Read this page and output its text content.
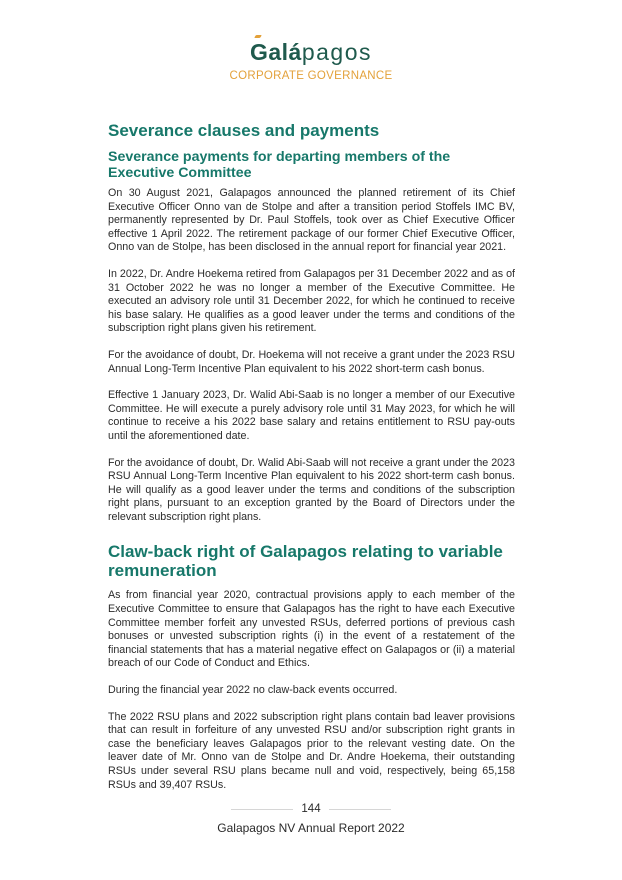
Galápagos
CORPORATE GOVERNANCE
Severance clauses and payments
Severance payments for departing members of the Executive Committee

On 30 August 2021, Galapagos announced the planned retirement of its Chief Executive Officer Onno van de Stolpe and after a transition period Stoffels IMC BV, permanently represented by Dr. Paul Stoffels, took over as Chief Executive Officer effective 1 April 2022. The retirement package of our former Chief Executive Officer, Onno van de Stolpe, has been disclosed in the annual report for financial year 2021.

In 2022, Dr. Andre Hoekema retired from Galapagos per 31 December 2022 and as of 31 October 2022 he was no longer a member of the Executive Committee. He executed an advisory role until 31 December 2022, for which he continued to receive his base salary. He qualifies as a good leaver under the terms and conditions of the subscription right plans given his retirement.

For the avoidance of doubt, Dr. Hoekema will not receive a grant under the 2023 RSU Annual Long-Term Incentive Plan equivalent to his 2022 short-term cash bonus.

Effective 1 January 2023, Dr. Walid Abi-Saab is no longer a member of our Executive Committee. He will execute a purely advisory role until 31 May 2023, for which he will continue to receive a his 2022 base salary and retains entitlement to RSU pay-outs until the aforementioned date.

For the avoidance of doubt, Dr. Walid Abi-Saab will not receive a grant under the 2023 RSU Annual Long-Term Incentive Plan equivalent to his 2022 short-term cash bonus. He will qualify as a good leaver under the terms and conditions of the subscription right plans, pursuant to an exception granted by the Board of Directors under the relevant subscription right plans.

Claw-back right of Galapagos relating to variable remuneration

As from financial year 2020, contractual provisions apply to each member of the Executive Committee to ensure that Galapagos has the right to have each Executive Committee member forfeit any unvested RSUs, deferred portions of previous cash bonuses or unvested subscription rights (i) in the event of a restatement of the financial statements that has a material negative effect on Galapagos or (ii) a material breach of our Code of Conduct and Ethics.

During the financial year 2022 no claw-back events occurred.

The 2022 RSU plans and 2022 subscription right plans contain bad leaver provisions that can result in forfeiture of any unvested RSU and/or subscription right grants in case the beneficiary leaves Galapagos prior to the relevant vesting date. On the leaver date of Mr. Onno van de Stolpe and Dr. Andre Hoekema, their outstanding RSUs under several RSU plans became null and void, respectively, being 65,158 RSUs and 39,407 RSUs.

144
Galapagos NV Annual Report 2022
